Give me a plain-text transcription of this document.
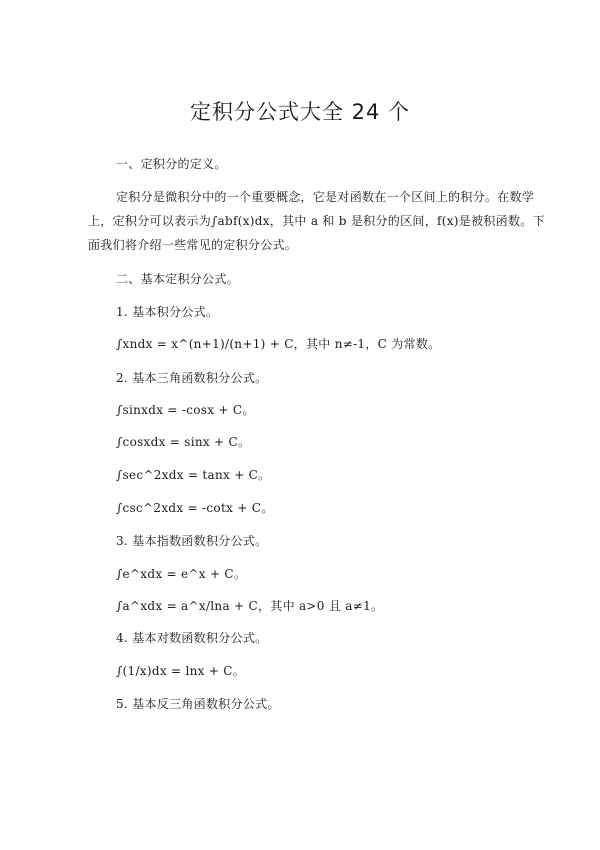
定积分公式大全 24 个
一、定积分的定义。
定积分是微积分中的一个重要概念，它是对函数在一个区间上的积分。在数学
上，定积分可以表示为∫abf(x)dx，其中 a 和 b 是积分的区间，f(x)是被积函数。下
面我们将介绍一些常见的定积分公式。
二、基本定积分公式。
1. 基本积分公式。
∫xndx = x^(n+1)/(n+1) + C，其中 n≠-1，C 为常数。
2. 基本三角函数积分公式。
∫sinxdx = -cosx + C。
∫cosxdx = sinx + C。
∫sec^2xdx = tanx + C。
∫csc^2xdx = -cotx + C。
3. 基本指数函数积分公式。
∫e^xdx = e^x + C。
∫a^xdx = a^x/lna + C，其中 a>0 且 a≠1。
4. 基本对数函数积分公式。
∫(1/x)dx = lnx + C。
5. 基本反三角函数积分公式。
